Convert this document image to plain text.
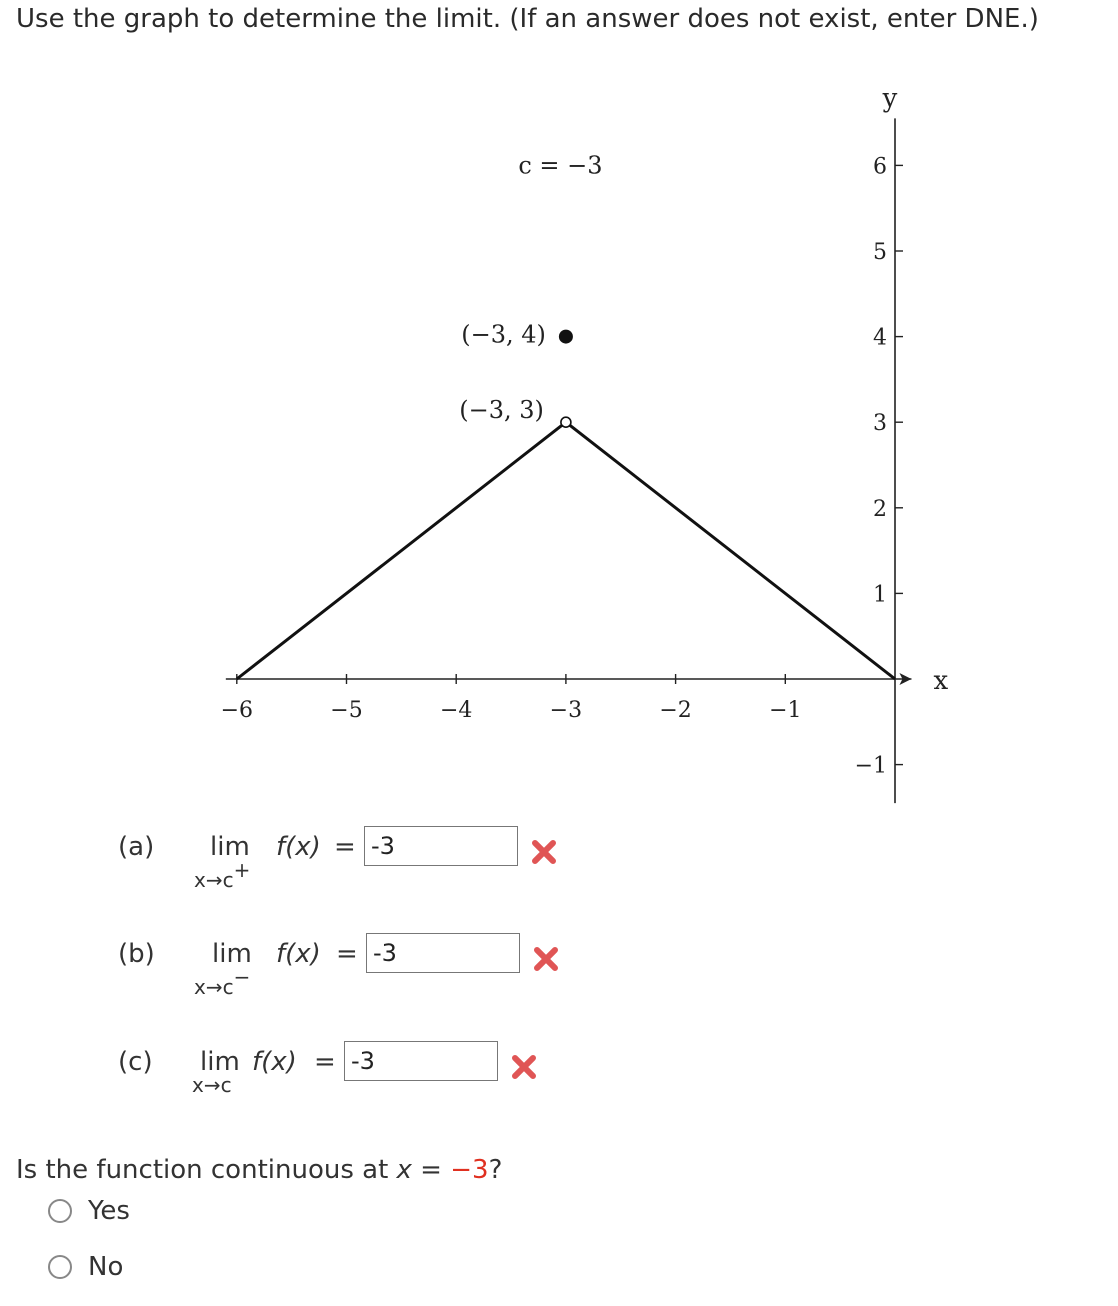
Use the graph to determine the limit. (If an answer does not exist, enter DNE.)
−6	−5	−4	−3	−2	−1
−1
1
2
3
4
5
6
y
x
(−3, 3)
(−3, 4)
c = −3
(a) lim f(x) =
x→c+
-3
(b) lim f(x) =
x→c−
-3
(c) lim f(x) =
x→c
-3
Is the function continuous at x = −3?
Yes
No
